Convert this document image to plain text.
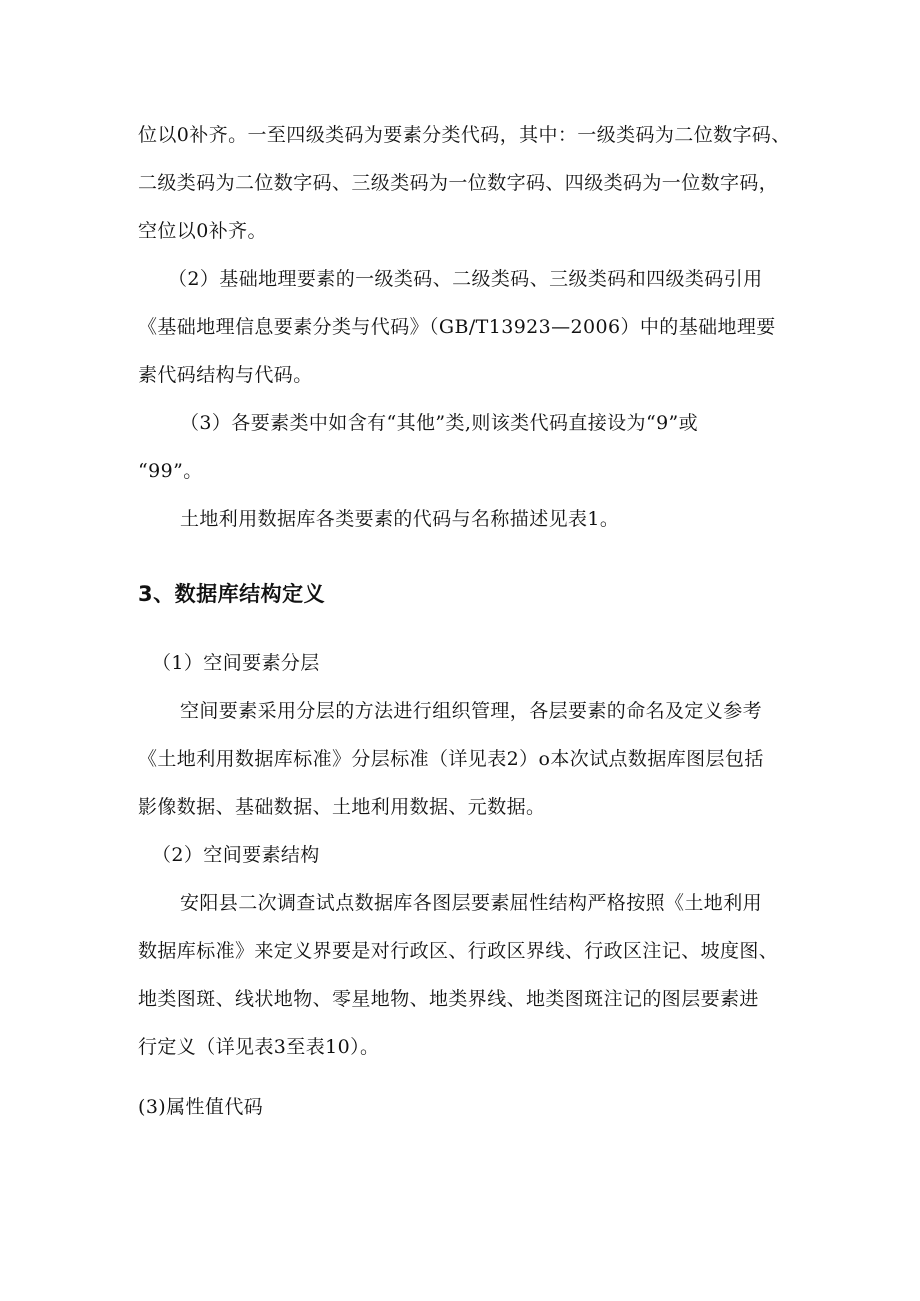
位以0补齐。一至四级类码为要素分类代码，其中：一级类码为二位数字码、
二级类码为二位数字码、三级类码为一位数字码、四级类码为一位数字码，
空位以0补齐。
（2）基础地理要素的一级类码、二级类码、三级类码和四级类码引用
《基础地理信息要素分类与代码》（GB/T13923—2006）中的基础地理要
素代码结构与代码。
（3）各要素类中如含有“其他”类,则该类代码直接设为“9”或
“99”。
土地利用数据库各类要素的代码与名称描述见表1。
3、数据库结构定义
（1）空间要素分层
空间要素采用分层的方法进行组织管理，各层要素的命名及定义参考
《土地利用数据库标准》分层标准（详见表2）o本次试点数据库图层包括
影像数据、基础数据、土地利用数据、元数据。
（2）空间要素结构
安阳县二次调查试点数据库各图层要素屈性结构严格按照《土地利用
数据库标准》来定义界要是对行政区、行政区界线、行政区注记、坡度图、
地类图斑、线状地物、零星地物、地类界线、地类图斑注记的图层要素进
行定义（详见表3至表10）。
(3)属性值代码
